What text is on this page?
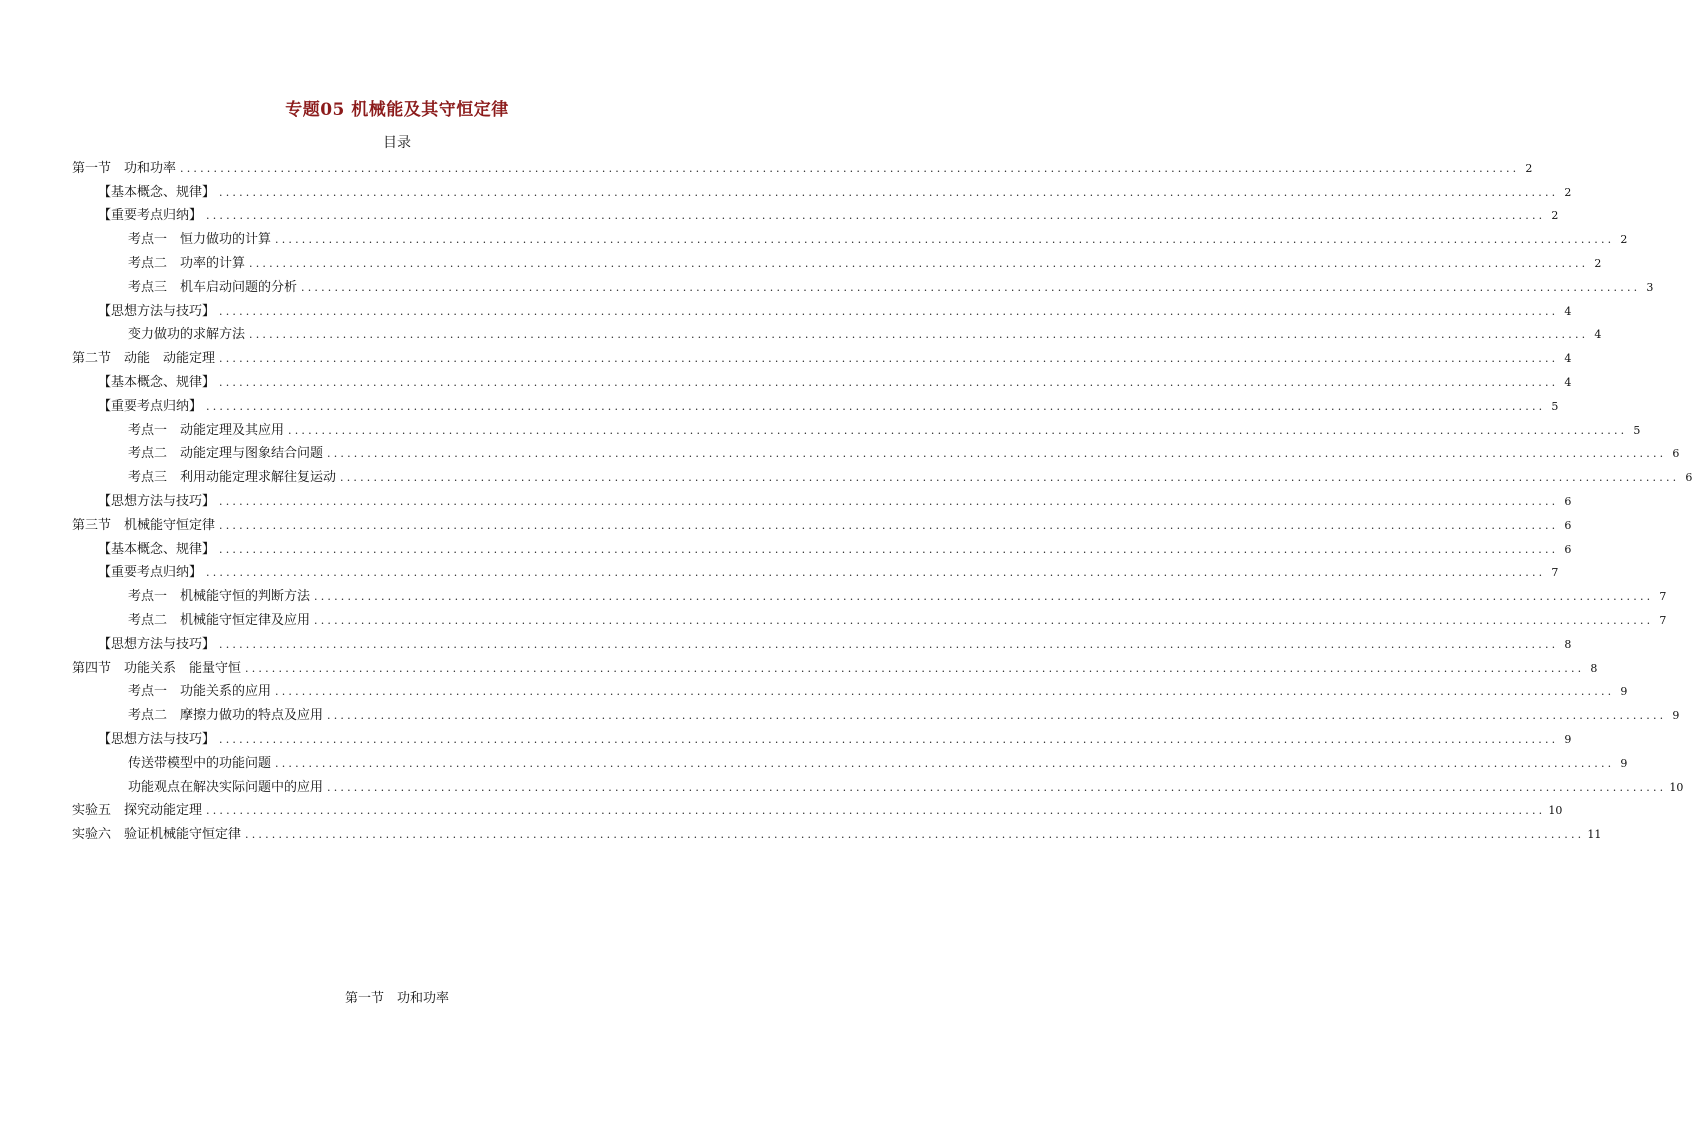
专题05 机械能及其守恒定律
目录
第一节　功和功率 ........................................................................................................................................................................................................ 2
【基本概念、规律】 ........................................................................................................................................................................................................ 2
【重要考点归纳】 ........................................................................................................................................................................................................ 2
考点一　恒力做功的计算 ........................................................................................................................................................................................................ 2
考点二　功率的计算 ........................................................................................................................................................................................................ 2
考点三　机车启动问题的分析 ........................................................................................................................................................................................................ 3
【思想方法与技巧】 ........................................................................................................................................................................................................ 4
变力做功的求解方法 ........................................................................................................................................................................................................ 4
第二节　动能　动能定理 ........................................................................................................................................................................................................ 4
【基本概念、规律】 ........................................................................................................................................................................................................ 4
【重要考点归纳】 ........................................................................................................................................................................................................ 5
考点一　动能定理及其应用 ........................................................................................................................................................................................................ 5
考点二　动能定理与图象结合问题 ........................................................................................................................................................................................................ 6
考点三　利用动能定理求解往复运动 ........................................................................................................................................................................................................ 6
【思想方法与技巧】 ........................................................................................................................................................................................................ 6
第三节　机械能守恒定律 ........................................................................................................................................................................................................ 6
【基本概念、规律】 ........................................................................................................................................................................................................ 6
【重要考点归纳】 ........................................................................................................................................................................................................ 7
考点一　机械能守恒的判断方法 ........................................................................................................................................................................................................ 7
考点二　机械能守恒定律及应用 ........................................................................................................................................................................................................ 7
【思想方法与技巧】 ........................................................................................................................................................................................................ 8
第四节　功能关系　能量守恒 ........................................................................................................................................................................................................ 8
考点一　功能关系的应用 ........................................................................................................................................................................................................ 9
考点二　摩擦力做功的特点及应用 ........................................................................................................................................................................................................ 9
【思想方法与技巧】 ........................................................................................................................................................................................................ 9
传送带模型中的功能问题 ........................................................................................................................................................................................................ 9
功能观点在解决实际问题中的应用 ........................................................................................................................................................................................................ 10
实验五　探究动能定理 ........................................................................................................................................................................................................ 10
实验六　验证机械能守恒定律 ........................................................................................................................................................................................................ 11
第一节　功和功率
